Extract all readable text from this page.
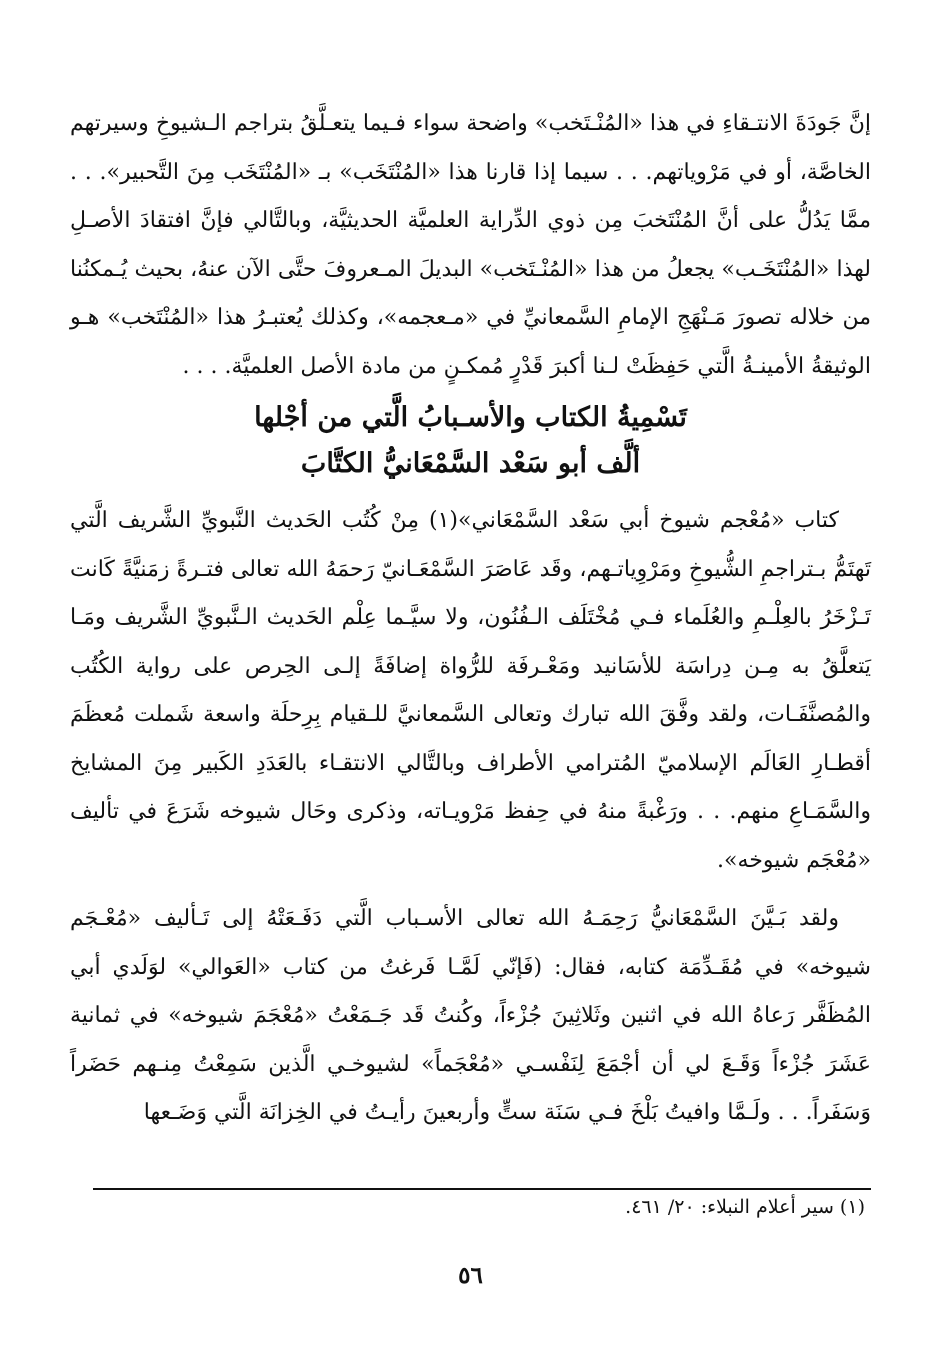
إنَّ جَودَةَ الانتـقاءِ في هذا «المُنْـتَخب» واضحة سواء فـيما يتعـلَّقُ بتراجم الـشيوخِ وسيرتهم الخاصَّة، أو في مَرْوياتهم. . . سيما إذا قارنا هذا «المُنْتَخَب» بـ «المُنْتَخَب مِنَ التَّحبير». . . ممَّا يَدُلُّ على أنَّ المُنْتَخبَ مِن ذوي الدِّراية العلميَّة الحديثيَّة، وبالتَّالي فإنَّ افتقادَ الأصـلِ لهذا «المُنْتَخَـب» يجعلُ من هذا «المُنْـتَخب» البديلَ المـعروفَ حتَّى الآن عنهُ، بحيث يُـمكنُنا من خلاله تصورَ مَـنْهَجِ الإمامِ السَّمعانيِّ في «مـعجمه»، وكذلك يُعتبـرُ هذا «المُنْتَخب» هـو الوثيقةُ الأمينـةُ الَّتي حَفِظَتْ لـنا أكبرَ قَدْرٍ مُمكـنٍ من مادة الأصل العلميَّة. . . .

تَسْمِيةُ الكتاب والأسـبابُ الَّتي من أجْلها

ألَّف أبو سَعْد السَّمْعَانيُّ الكتَّابَ

كتاب «مُعْجم شيوخ أبي سَعْد السَّمْعَاني»(١) مِنْ كُتُب الحَديث النَّبويِّ الشَّريف الَّتي تَهتَمُّ بـتراجمِ الشُّيوخِ ومَرْوِياتـهم، وقَد عَاصَرَ السَّمْعَـانيّ رَحمَهُ الله تعالى فتـرةً زمَنيَّةً كَانت تَـزْخَرُ بالعِلْـمِ والعُلَماء فـي مُخْتَلَف الـفُنُون، ولا سيَّـما عِلْم الحَديث الـنَّبويِّ الشَّريف ومَـا يَتعلَّقُ به مِـن دِراسَة للأسَانيد ومَعْـرفَة للرُّواة إضافَةً إلـى الحِرص على رواية الكُتُب والمُصنَّفَـات، ولقد وفَّقَ الله تبارك وتعالى السَّمعانيَّ للـقيام بِرِحلَة واسعة شَملت مُعظَمَ أقطـارِ العَالَم الإسلاميّ المُترامي الأطراف وبالتَّالي الانتقـاء بالعَدَدِ الكَبير مِنَ المشايخ والسَّمَـاعِ منهم. . . ورَغْبةً منهُ في حِفظ مَرْويـاته، وذكرى وحَال شيوخه شَرَعَ في تأليف «مُعْجَم شيوخه».

ولقد بَـيَّنَ السَّمْعَانيُّ رَحِمَـهُ الله تعالى الأسـباب الَّتي دَفَـعَتْهُ إلى تَـأليف «مُعْـجَم شيوخه» في مُقَـدِّمَة كتابه، فقال: (فَإنّي لَمَّـا فَرغتُ من كتاب «العَوالي» لوَلَدي أبي المُظَفَّر رَعاهُ الله في اثنين وثَلاثِينَ جُزْءاً، وكُنتُ قَد جَـمَعْتُ «مُعْجَمَ شيوخه» في ثمانية عَشَرَ جُزْءاً وَقَـعَ لي أن أجْمَعَ لِنَفْسـي «مُعْجَماً» لشيوخـي الَّذين سَمِعْتُ مِنـهم حَضَراً وَسَفَراً. . . ولَـمَّا وافيتُ بَلْخَ فـي سَنَة ستٍّ وأربعينَ رأيـتُ في الخِزانَة الَّتي وَضَـعها

(١) سير أعلام النبلاء: ٢٠/ ٤٦١.

٥٦
